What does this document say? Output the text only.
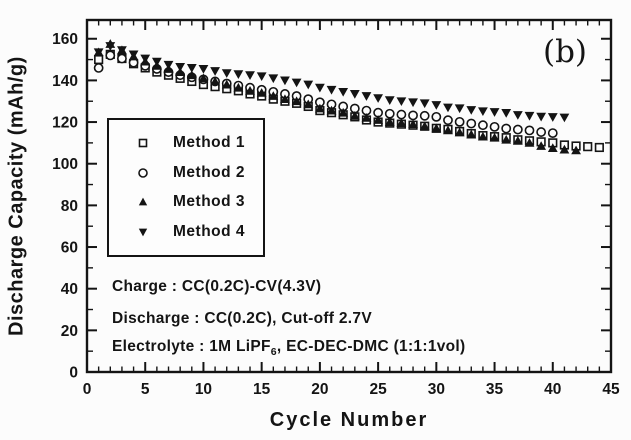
0	5	10	15	20	25	30	35	40	45
0
20
40
60
80
100
120
140
160
Discharge Capacity (mAh/g)
Cycle Number
(b)
Method 1
Method 2
Method 3
Method 4
Charge : CC(0.2C)-CV(4.3V)
Discharge : CC(0.2C), Cut-off 2.7V
Electrolyte : 1M LiPF$_6$, EC-DEC-DMC (1:1:1vol)
